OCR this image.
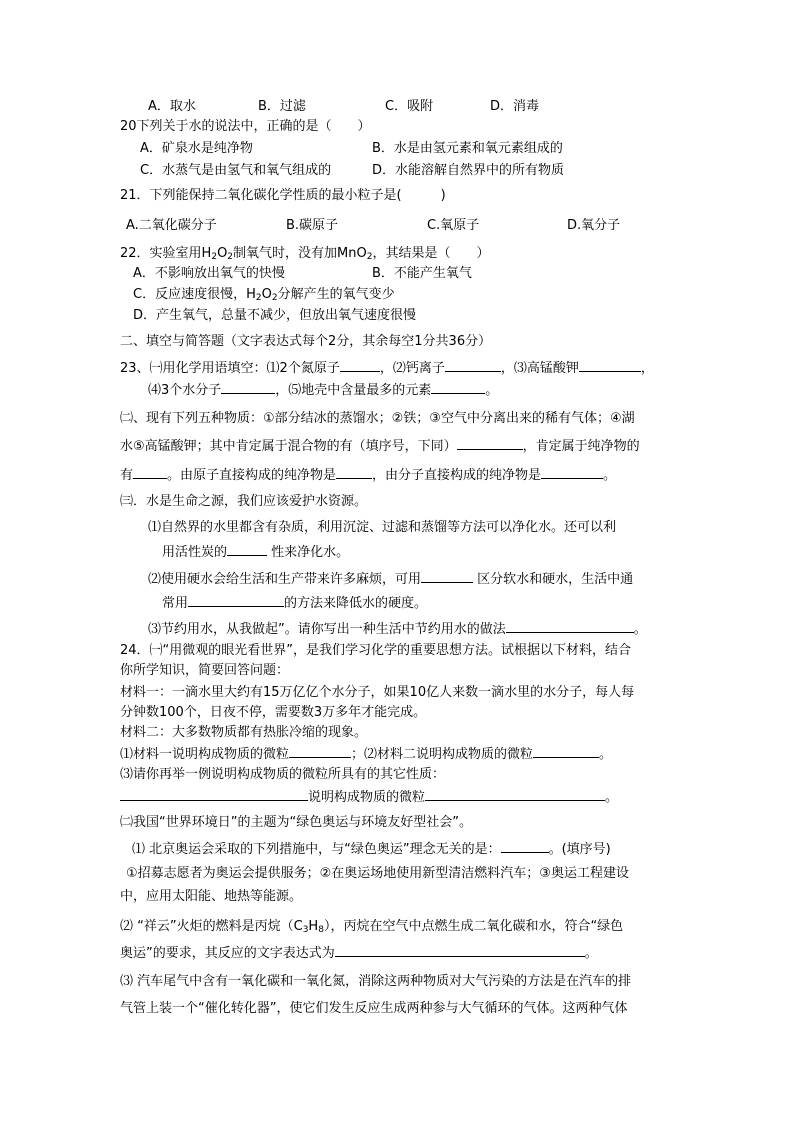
A．取水	B．过滤	C．吸附	D．消毒
20下列关于水的说法中，正确的是（　　）
A．矿泉水是纯净物	B．水是由氢元素和氧元素组成的
C．水蒸气是由氢气和氧气组成的	D．水能溶解自然界中的所有物质
21．下列能保持二氧化碳化学性质的最小粒子是(　　　)
A.二氧化碳分子	B.碳原子	C.氧原子	D.氧分子
22．实验室用$H_2O_2$制氧气时，没有加MnO$_2$，其结果是（　　）
A．不影响放出氧气的快慢	B．不能产生氧气
C．反应速度很慢，$H_2O_2$分解产生的氧气变少
D．产生氧气，总量不减少，但放出氧气速度很慢
二、填空与简答题（文字表达式每个2分，其余每空1分共36分）
23、㈠用化学用语填空：⑴2个氮原子	，⑵钙离子	，⑶高锰酸钾	，
⑷3个水分子	，⑸地壳中含量最多的元素	。
㈡、现有下列五种物质：①部分结冰的蒸馏水；②铁；③空气中分离出来的稀有气体；④湖
水⑤高锰酸钾；其中肯定属于混合物的有（填序号，下同）	，肯定属于纯净物的
有	。由原子直接构成的纯净物是	，由分子直接构成的纯净物是	。
㈢．水是生命之源，我们应该爱护水资源。
⑴自然界的水里都含有杂质，利用沉淀、过滤和蒸馏等方法可以净化水。还可以利
用活性炭的	性来净化水。
⑵使用硬水会给生活和生产带来许多麻烦，可用	区分软水和硬水，生活中通
常用	的方法来降低水的硬度。
⑶节约用水，从我做起”。请你写出一种生活中节约用水的做法	。
24．㈠“用微观的眼光看世界”，是我们学习化学的重要思想方法。试根据以下材料，结合
你所学知识，简要回答问题：
材料一：一滴水里大约有15万亿亿个水分子，如果10亿人来数一滴水里的水分子，每人每
分钟数100个，日夜不停，需要数3万多年才能完成。
材料二：大多数物质都有热胀冷缩的现象。
⑴材料一说明构成物质的微粒	；⑵材料二说明构成物质的微粒	。
⑶请你再举一例说明构成物质的微粒所具有的其它性质：
说明构成物质的微粒	。
㈡我国“世界环境日”的主题为“绿色奥运与环境友好型社会”。
⑴ 北京奥运会采取的下列措施中，与“绿色奥运”理念无关的是：	。(填序号)
①招募志愿者为奥运会提供服务；②在奥运场地使用新型清洁燃料汽车；③奥运工程建设
中，应用太阳能、地热等能源。
⑵ “祥云”火炬的燃料是丙烷$(C_3H_8)$，丙烷在空气中点燃生成二氧化碳和水，符合“绿色
奥运”的要求，其反应的文字表达式为	。
⑶ 汽车尾气中含有一氧化碳和一氧化氮，消除这两种物质对大气污染的方法是在汽车的排
气管上装一个“催化转化器”，使它们发生反应生成两种参与大气循环的气体。这两种气体
